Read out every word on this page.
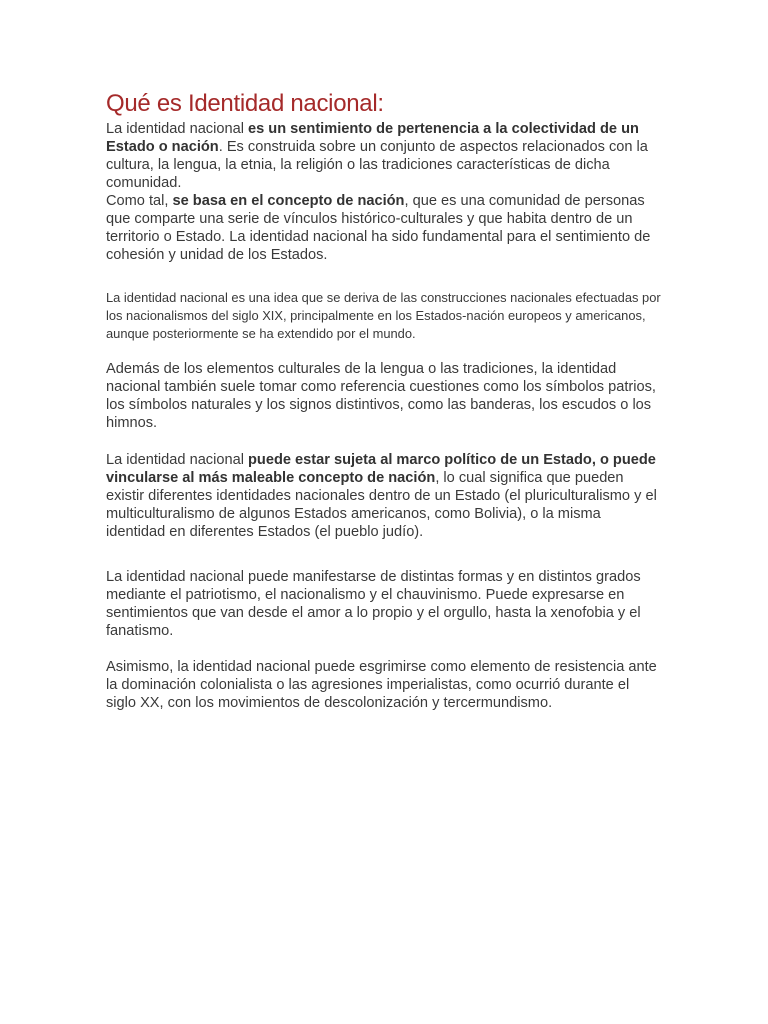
Qué es Identidad nacional:

La identidad nacional es un sentimiento de pertenencia a la colectividad de un Estado o nación. Es construida sobre un conjunto de aspectos relacionados con la cultura, la lengua, la etnia, la religión o las tradiciones características de dicha comunidad.

Como tal, se basa en el concepto de nación, que es una comunidad de personas que comparte una serie de vínculos histórico-culturales y que habita dentro de un territorio o Estado. La identidad nacional ha sido fundamental para el sentimiento de cohesión y unidad de los Estados.

La identidad nacional es una idea que se deriva de las construcciones nacionales efectuadas por los nacionalismos del siglo XIX, principalmente en los Estados-nación europeos y americanos, aunque posteriormente se ha extendido por el mundo.

Además de los elementos culturales de la lengua o las tradiciones, la identidad nacional también suele tomar como referencia cuestiones como los símbolos patrios, los símbolos naturales y los signos distintivos, como las banderas, los escudos o los himnos.

La identidad nacional puede estar sujeta al marco político de un Estado, o puede vincularse al más maleable concepto de nación, lo cual significa que pueden existir diferentes identidades nacionales dentro de un Estado (el pluriculturalismo y el multiculturalismo de algunos Estados americanos, como Bolivia), o la misma identidad en diferentes Estados (el pueblo judío).

La identidad nacional puede manifestarse de distintas formas y en distintos grados mediante el patriotismo, el nacionalismo y el chauvinismo. Puede expresarse en sentimientos que van desde el amor a lo propio y el orgullo, hasta la xenofobia y el fanatismo.

Asimismo, la identidad nacional puede esgrimirse como elemento de resistencia ante la dominación colonialista o las agresiones imperialistas, como ocurrió durante el siglo XX, con los movimientos de descolonización y tercermundismo.
